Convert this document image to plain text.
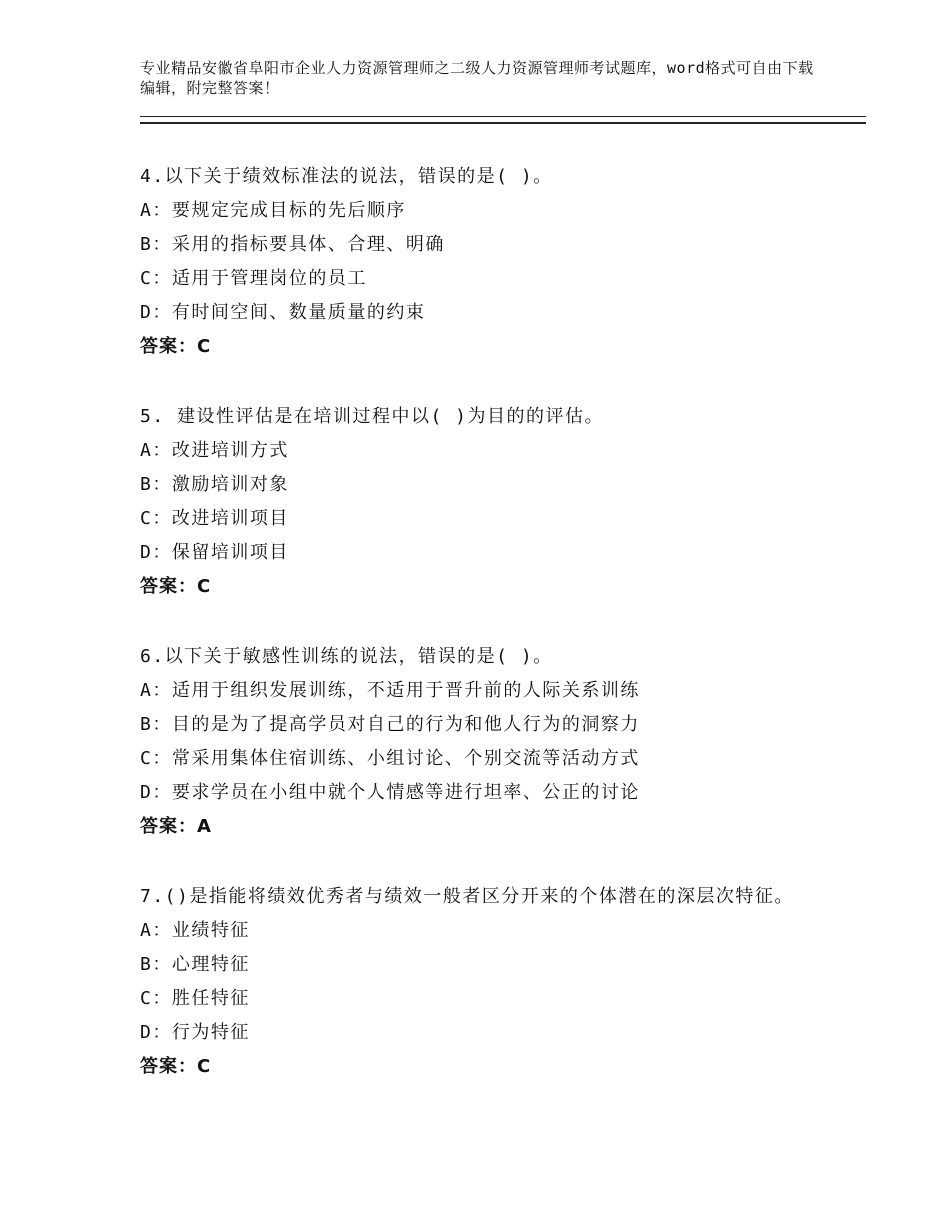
专业精品安徽省阜阳市企业人力资源管理师之二级人力资源管理师考试题库，word格式可自由下载编辑，附完整答案！
4.以下关于绩效标准法的说法，错误的是( )。
A：要规定完成目标的先后顺序
B：采用的指标要具体、合理、明确
C：适用于管理岗位的员工
D：有时间空间、数量质量的约束
答案：C
5. 建设性评估是在培训过程中以( )为目的的评估。
A：改进培训方式
B：激励培训对象
C：改进培训项目
D：保留培训项目
答案：C
6.以下关于敏感性训练的说法，错误的是( )。
A：适用于组织发展训练，不适用于晋升前的人际关系训练
B：目的是为了提高学员对自己的行为和他人行为的洞察力
C：常采用集体住宿训练、小组讨论、个别交流等活动方式
D：要求学员在小组中就个人情感等进行坦率、公正的讨论
答案：A
7.()是指能将绩效优秀者与绩效一般者区分开来的个体潜在的深层次特征。
A：业绩特征
B：心理特征
C：胜任特征
D：行为特征
答案：C
